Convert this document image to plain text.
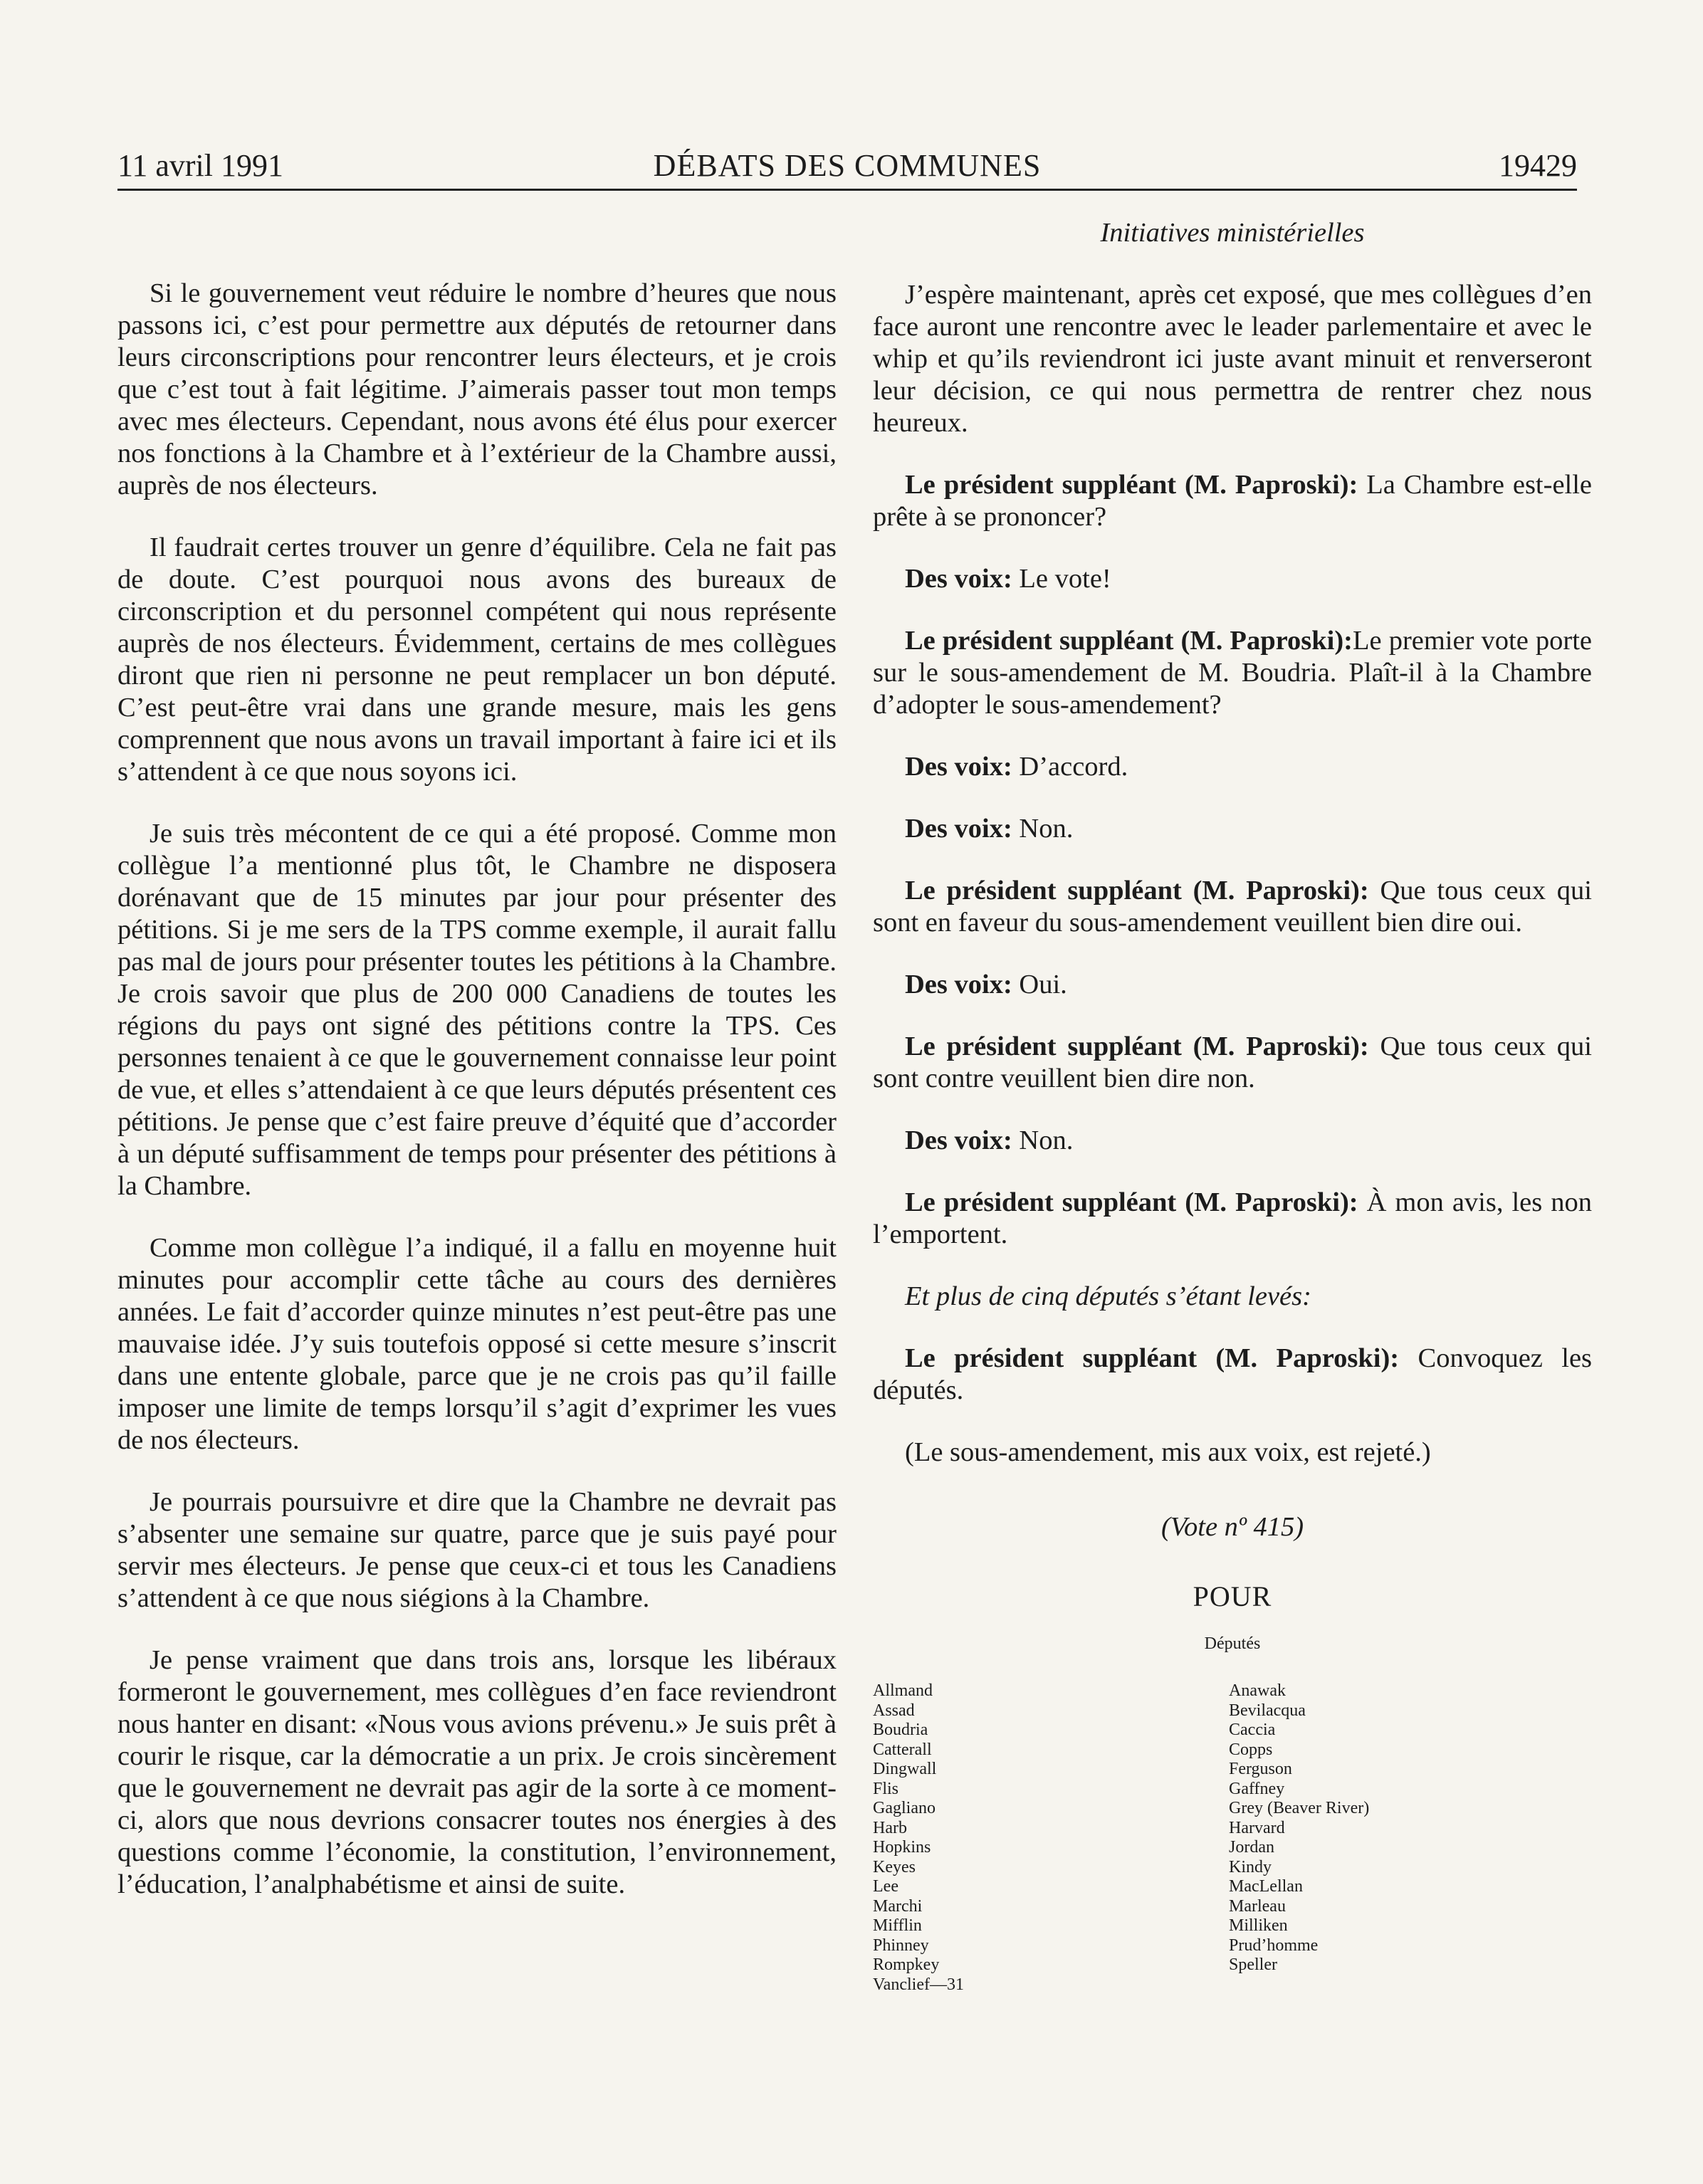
11 avril 1991	DÉBATS DES COMMUNES	19429

Si le gouvernement veut réduire le nombre d’heures que nous passons ici, c’est pour permettre aux députés de retourner dans leurs circonscriptions pour rencontrer leurs électeurs, et je crois que c’est tout à fait légitime. J’aimerais passer tout mon temps avec mes électeurs. Cependant, nous avons été élus pour exercer nos fonctions à la Chambre et à l’extérieur de la Chambre aussi, auprès de nos électeurs.

Il faudrait certes trouver un genre d’équilibre. Cela ne fait pas de doute. C’est pourquoi nous avons des bureaux de circonscription et du personnel compétent qui nous représente auprès de nos électeurs. Évidemment, certains de mes collègues diront que rien ni personne ne peut remplacer un bon député. C’est peut-être vrai dans une grande mesure, mais les gens comprennent que nous avons un travail important à faire ici et ils s’attendent à ce que nous soyons ici.

Je suis très mécontent de ce qui a été proposé. Comme mon collègue l’a mentionné plus tôt, le Chambre ne disposera dorénavant que de 15 minutes par jour pour présenter des pétitions. Si je me sers de la TPS comme exemple, il aurait fallu pas mal de jours pour présenter toutes les pétitions à la Chambre. Je crois savoir que plus de 200 000 Canadiens de toutes les régions du pays ont signé des pétitions contre la TPS. Ces personnes tenaient à ce que le gouvernement connaisse leur point de vue, et elles s’attendaient à ce que leurs députés présentent ces pétitions. Je pense que c’est faire preuve d’équité que d’accorder à un député suffisamment de temps pour présenter des pétitions à la Chambre.

Comme mon collègue l’a indiqué, il a fallu en moyenne huit minutes pour accomplir cette tâche au cours des dernières années. Le fait d’accorder quinze minutes n’est peut-être pas une mauvaise idée. J’y suis toutefois opposé si cette mesure s’inscrit dans une entente globale, parce que je ne crois pas qu’il faille imposer une limite de temps lorsqu’il s’agit d’exprimer les vues de nos électeurs.

Je pourrais poursuivre et dire que la Chambre ne devrait pas s’absenter une semaine sur quatre, parce que je suis payé pour servir mes électeurs. Je pense que ceux-ci et tous les Canadiens s’attendent à ce que nous siégions à la Chambre.

Je pense vraiment que dans trois ans, lorsque les libéraux formeront le gouvernement, mes collègues d’en face reviendront nous hanter en disant: «Nous vous avions prévenu.» Je suis prêt à courir le risque, car la démocratie a un prix. Je crois sincèrement que le gouvernement ne devrait pas agir de la sorte à ce moment-ci, alors que nous devrions consacrer toutes nos énergies à des questions comme l’économie, la constitution, l’environnement, l’éducation, l’analphabétisme et ainsi de suite.

Initiatives ministérielles

J’espère maintenant, après cet exposé, que mes collègues d’en face auront une rencontre avec le leader parlementaire et avec le whip et qu’ils reviendront ici juste avant minuit et renverseront leur décision, ce qui nous permettra de rentrer chez nous heureux.

Le président suppléant (M. Paproski): La Chambre est-elle prête à se prononcer?

Des voix: Le vote!

Le président suppléant (M. Paproski):Le premier vote porte sur le sous-amendement de M. Boudria. Plaît-il à la Chambre d’adopter le sous-amendement?

Des voix: D’accord.

Des voix: Non.

Le président suppléant (M. Paproski): Que tous ceux qui sont en faveur du sous-amendement veuillent bien dire oui.

Des voix: Oui.

Le président suppléant (M. Paproski): Que tous ceux qui sont contre veuillent bien dire non.

Des voix: Non.

Le président suppléant (M. Paproski): À mon avis, les non l’emportent.

Et plus de cinq députés s’étant levés:

Le président suppléant (M. Paproski): Convoquez les députés.

(Le sous-amendement, mis aux voix, est rejeté.)

(Vote nº 415)

POUR

Députés

Allmand
Assad
Boudria
Catterall
Dingwall
Flis
Gagliano
Harb
Hopkins
Keyes
Lee
Marchi
Mifflin
Phinney
Rompkey
Vanclief—31
Anawak
Bevilacqua
Caccia
Copps
Ferguson
Gaffney
Grey (Beaver River)
Harvard
Jordan
Kindy
MacLellan
Marleau
Milliken
Prud’homme
Speller
